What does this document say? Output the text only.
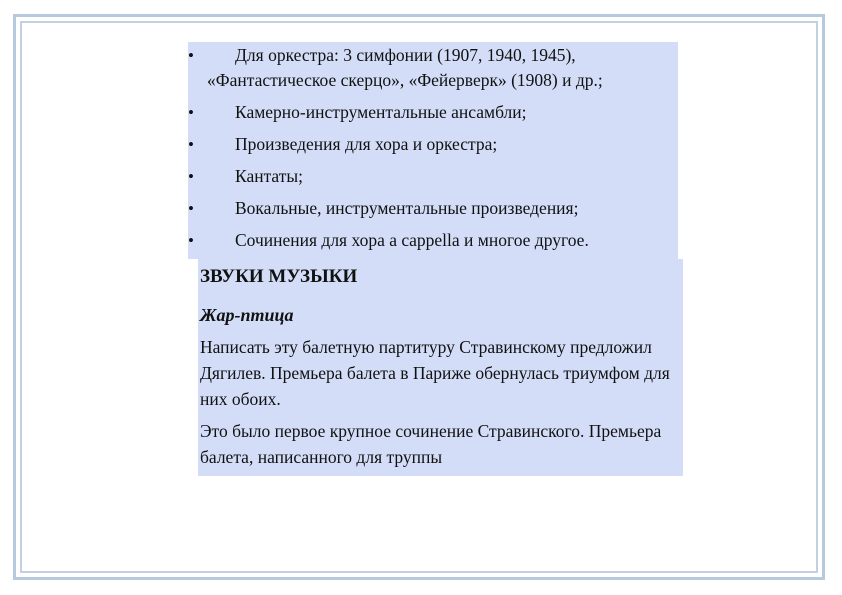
•	Для оркестра: 3 симфонии (1907, 1940, 1945), «Фантастическое скерцо», «Фейерверк» (1908) и др.;
•	Камерно-инструментальные ансамбли;
•	Произведения для хора и оркестра;
•	Кантаты;
•	Вокальные, инструментальные произведения;
•	Сочинения для хора a cappella и многое другое.
ЗВУКИ МУЗЫКИ
Жар-птица

Написать эту балетную партитуру Стравинскому предложил Дягилев. Премьера балета в Париже обернулась триумфом для них обоих.

Это было первое крупное сочинение Стравинского. Премьера балета, написанного для труппы
